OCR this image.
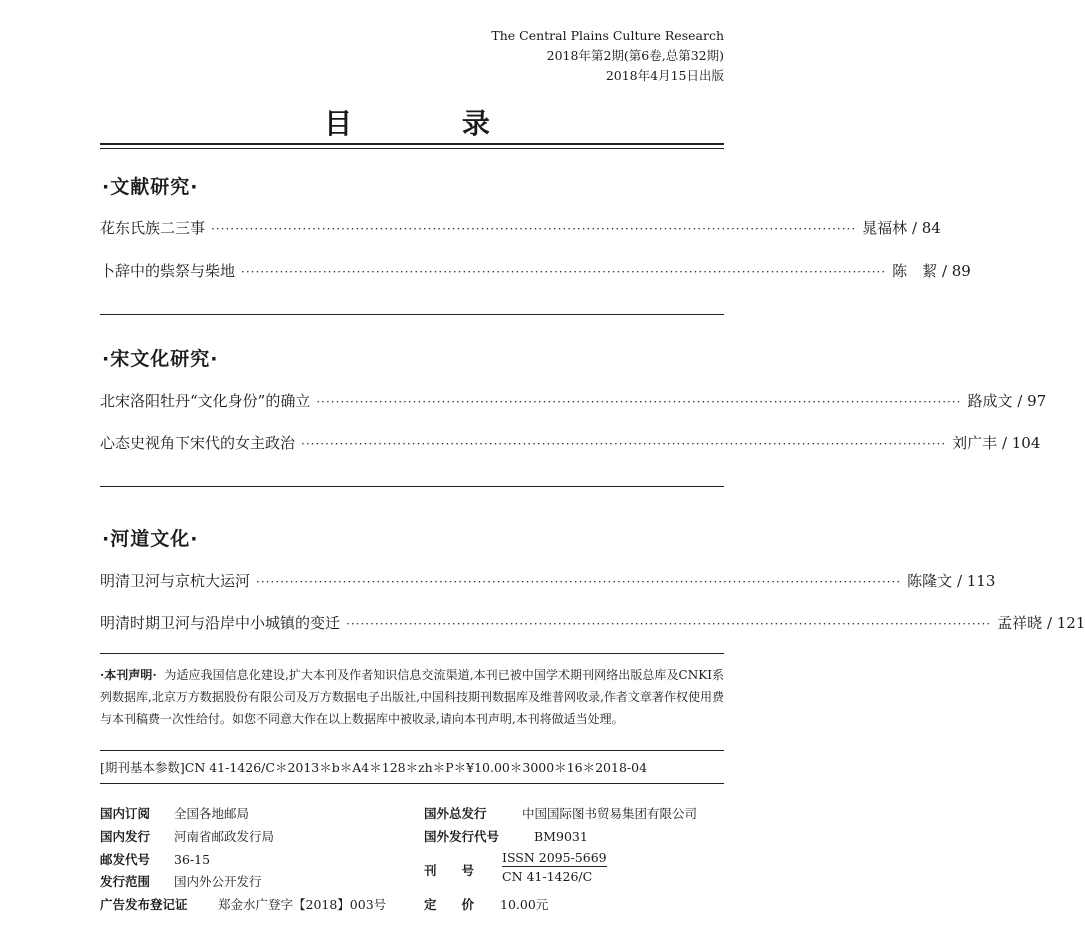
The Central Plains Culture Research
2018年第2期(第6卷,总第32期)
2018年4月15日出版
目 录
·文献研究·
花东氏族二三事 ······································································································································ 晁福林 / 84
卜辞中的祡祭与柴地 ······································································································································ 陈　絜 / 89
·宋文化研究·
北宋洛阳牡丹“文化身份”的确立 ······································································································································ 路成文 / 97
心态史视角下宋代的女主政治 ······································································································································ 刘广丰 / 104
·河道文化·
明清卫河与京杭大运河 ······································································································································ 陈隆文 / 113
明清时期卫河与沿岸中小城镇的变迁 ······································································································································ 孟祥晓 / 121
·本刊声明· 为适应我国信息化建设,扩大本刊及作者知识信息交流渠道,本刊已被中国学术期刊网络出版总库及CNKI系列数据库,北京万方数据股份有限公司及万方数据电子出版社,中国科技期刊数据库及维普网收录,作者文章著作权使用费与本刊稿费一次性给付。如您不同意大作在以上数据库中被收录,请向本刊声明,本刊将做适当处理。
[期刊基本参数]CN 41-1426/C＊2013＊b＊A4＊128＊zh＊P＊¥10.00＊3000＊16＊2018-04
国内订阅 全国各地邮局
国内发行 河南省邮政发行局
邮发代号 36-15
发行范围 国内外公开发行
广告发布登记证 郑金水广登字【2018】003号
国外总发行	中国国际图书贸易集团有限公司
国外发行代号	BM9031
刊　　号
ISSN 2095-5669
CN 41-1426/C
定　　价 10.00元
